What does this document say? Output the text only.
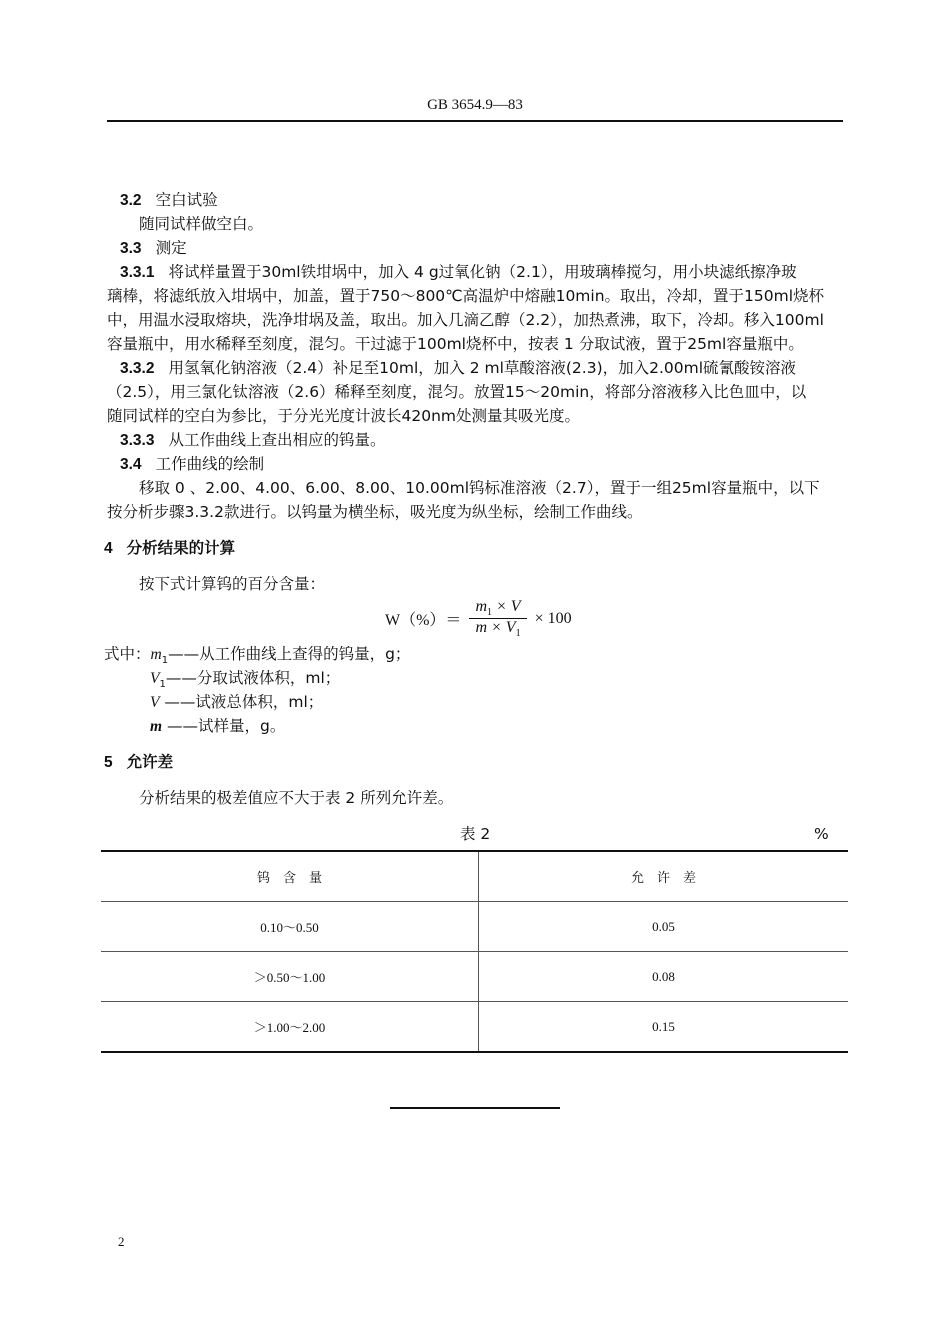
GB 3654.9—83
3.2 空白试验
随同试样做空白。
3.3 测定
3.3.1 将试样量置于30ml铁坩埚中，加入 4 g过氧化钠（2.1），用玻璃棒搅匀，用小块滤纸擦净玻
璃棒，将滤纸放入坩埚中，加盖，置于750～800℃高温炉中熔融10min。取出，冷却，置于150ml烧杯
中，用温水浸取熔块，洗净坩埚及盖，取出。加入几滴乙醇（2.2），加热煮沸，取下，冷却。移入100ml
容量瓶中，用水稀释至刻度，混匀。干过滤于100ml烧杯中，按表 1 分取试液，置于25ml容量瓶中。
3.3.2 用氢氧化钠溶液（2.4）补足至10ml，加入 2 ml草酸溶液(2.3)，加入2.00ml硫氰酸铵溶液
（2.5），用三氯化钛溶液（2.6）稀释至刻度，混匀。放置15～20min，将部分溶液移入比色皿中，以
随同试样的空白为参比，于分光光度计波长420nm处测量其吸光度。
3.3.3 从工作曲线上查出相应的钨量。
3.4 工作曲线的绘制
移取 0 、2.00、4.00、6.00、8.00、10.00ml钨标准溶液（2.7），置于一组25ml容量瓶中，以下
按分析步骤3.3.2款进行。以钨量为横坐标，吸光度为纵坐标，绘制工作曲线。
4 分析结果的计算
按下式计算钨的百分含量：
$W(\%)= \frac{m_1 \times V}{m \times V_1} \times 100$
式中：$m_1——$从工作曲线上查得的钨量，g；
$V_1——$分取试液体积，ml；
V ——试液总体积，ml；
m ——试样量，g。
5 允许差
分析结果的极差值应不大于表 2 所列允许差。
表 2	%
钨　含　量	允　许　差
0.10～0.50	0.05
＞0.50～1.00	0.08
＞1.00～2.00	0.15
2
